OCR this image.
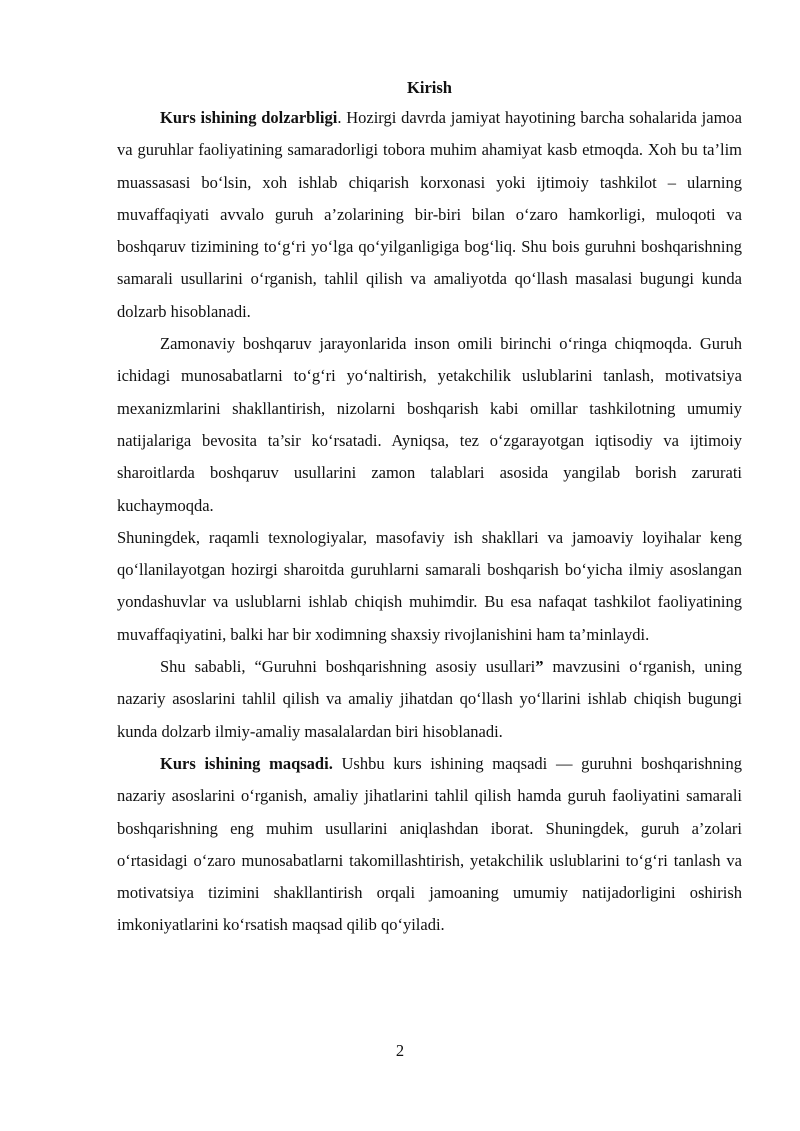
Kirish

Kurs ishining dolzarbligi. Hozirgi davrda jamiyat hayotining barcha sohalarida jamoa va guruhlar faoliyatining samaradorligi tobora muhim ahamiyat kasb etmoqda. Xoh bu ta’lim muassasasi bo‘lsin, xoh ishlab chiqarish korxonasi yoki ijtimoiy tashkilot – ularning muvaffaqiyati avvalo guruh a’zolarining bir-biri bilan o‘zaro hamkorligi, muloqoti va boshqaruv tizimining to‘g‘ri yo‘lga qo‘yilganligiga bog‘liq. Shu bois guruhni boshqarishning samarali usullarini o‘rganish, tahlil qilish va amaliyotda qo‘llash masalasi bugungi kunda dolzarb hisoblanadi.

Zamonaviy boshqaruv jarayonlarida inson omili birinchi o‘ringa chiqmoqda. Guruh ichidagi munosabatlarni to‘g‘ri yo‘naltirish, yetakchilik uslublarini tanlash, motivatsiya mexanizmlarini shakllantirish, nizolarni boshqarish kabi omillar tashkilotning umumiy natijalariga bevosita ta’sir ko‘rsatadi. Ayniqsa, tez o‘zgarayotgan iqtisodiy va ijtimoiy sharoitlarda boshqaruv usullarini zamon talablari asosida yangilab borish zarurati kuchaymoqda.

Shuningdek, raqamli texnologiyalar, masofaviy ish shakllari va jamoaviy loyihalar keng qo‘llanilayotgan hozirgi sharoitda guruhlarni samarali boshqarish bo‘yicha ilmiy asoslangan yondashuvlar va uslublarni ishlab chiqish muhimdir. Bu esa nafaqat tashkilot faoliyatining muvaffaqiyatini, balki har bir xodimning shaxsiy rivojlanishini ham ta’minlaydi.

Shu sababli, “Guruhni boshqarishning asosiy usullari” mavzusini o‘rganish, uning nazariy asoslarini tahlil qilish va amaliy jihatdan qo‘llash yo‘llarini ishlab chiqish bugungi kunda dolzarb ilmiy-amaliy masalalardan biri hisoblanadi.

Kurs ishining maqsadi. Ushbu kurs ishining maqsadi — guruhni boshqarishning nazariy asoslarini o‘rganish, amaliy jihatlarini tahlil qilish hamda guruh faoliyatini samarali boshqarishning eng muhim usullarini aniqlashdan iborat. Shuningdek, guruh a’zolari o‘rtasidagi o‘zaro munosabatlarni takomillashtirish, yetakchilik uslublarini to‘g‘ri tanlash va motivatsiya tizimini shakllantirish orqali jamoaning umumiy natijadorligini oshirish imkoniyatlarini ko‘rsatish maqsad qilib qo‘yiladi.

2
